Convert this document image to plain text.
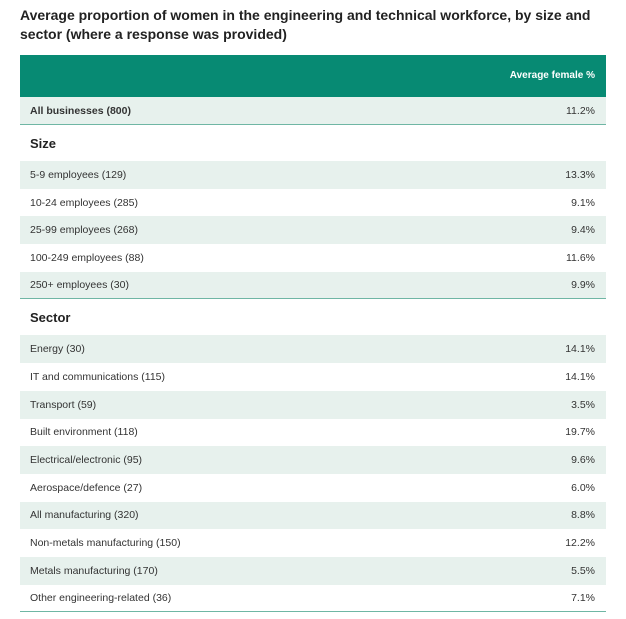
Average proportion of women in the engineering and technical workforce, by size and sector (where a response was provided)
Average female %
All businesses (800)	11.2%
Size
5-9 employees (129)	13.3%
10-24 employees (285)	9.1%
25-99 employees (268)	9.4%
100-249 employees (88)	11.6%
250+ employees (30)	9.9%
Sector
Energy (30)	14.1%
IT and communications (115)	14.1%
Transport (59)	3.5%
Built environment (118)	19.7%
Electrical/electronic (95)	9.6%
Aerospace/defence (27)	6.0%
All manufacturing (320)	8.8%
Non-metals manufacturing (150)	12.2%
Metals manufacturing (170)	5.5%
Other engineering-related (36)	7.1%
